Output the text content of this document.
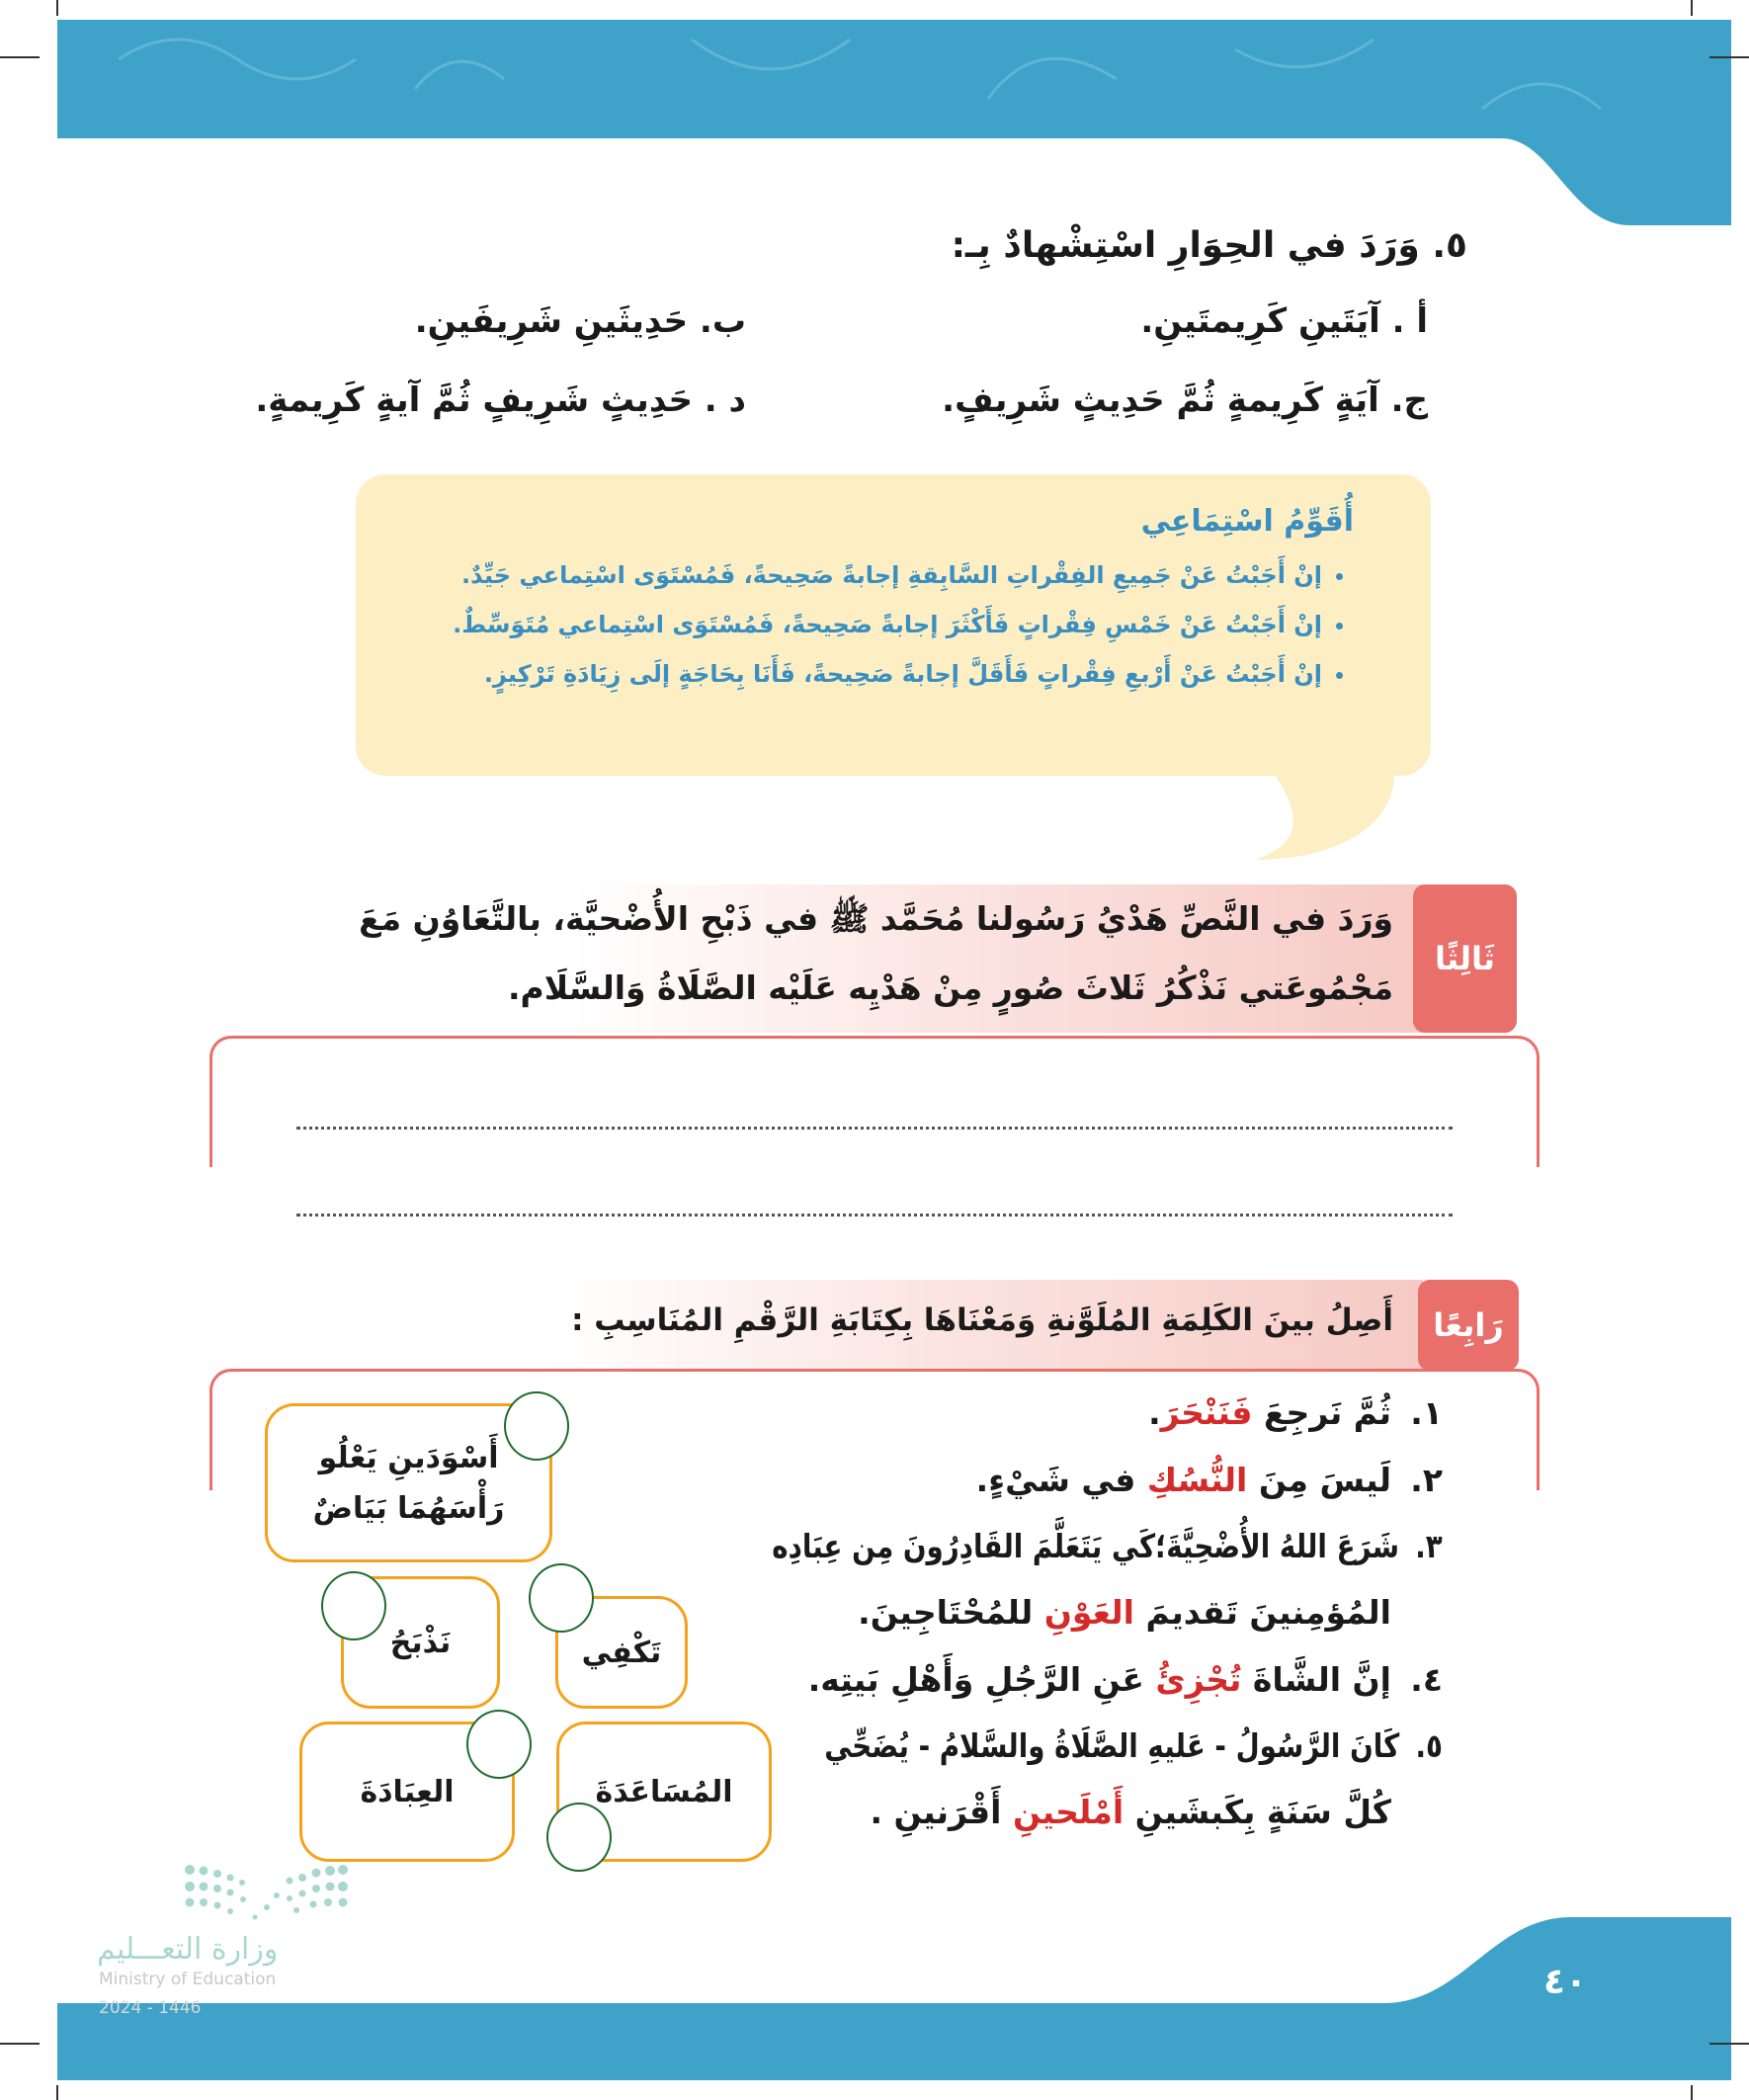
٥. وَرَدَ في الحِوَارِ اسْتِشْهادٌ بِـ:
أ . آيَتَينِ كَرِيمتَينِ.
ب. حَدِيثَينِ شَرِيفَينِ.
ج. آيَةٍ كَرِيمةٍ ثُمَّ حَدِيثٍ شَرِيفٍ.
د . حَدِيثٍ شَرِيفٍ ثُمَّ آيةٍ كَرِيمةٍ.
أُقَوِّمُ اسْتِمَاعِي
• إنْ أَجَبْتُ عَنْ جَمِيعِ الفِقْراتِ السَّابِقةِ إجابةً صَحِيحةً، فَمُسْتَوَى اسْتِماعي جَيِّدٌ.
• إنْ أَجَبْتُ عَنْ خَمْسِ فِقْراتٍ فَأَكْثَرَ إجابةً صَحِيحةً، فَمُسْتَوَى اسْتِماعي مُتَوَسِّطٌ.
• إنْ أَجَبْتُ عَنْ أَرْبعِ فِقْراتٍ فَأَقَلَّ إجابةً صَحِيحةً، فَأَنَا بِحَاجَةٍ إلَى زِيَادَةِ تَرْكِيزٍ.
ثَالِثًا
وَرَدَ في النَّصِّ هَدْيُ رَسُولنا مُحَمَّد ﷺ في ذَبْحِ الأُضْحيَّة، بالتَّعَاوُنِ مَعَ
مَجْمُوعَتي نَذْكُرُ ثَلاثَ صُورٍ مِنْ هَدْيِه عَلَيْه الصَّلَاةُ وَالسَّلَام.
رَابِعًا
أَصِلُ بينَ الكَلِمَةِ المُلَوَّنةِ وَمَعْنَاهَا بِكِتَابَةِ الرَّقْمِ المُنَاسِبِ :
أَسْوَدَينِ يَعْلُو
رَأْسَهُمَا بَيَاضٌ
نَذْبَحُ	تَكْفِي
العِبَادَةَ	المُسَاعَدَةَ
١.ثُمَّ نَرجِعَ فَنَنْحَرَ.
٢.لَيسَ مِنَ النُّسُكِ في شَيْءٍ.
٣.شَرَعَ اللهُ الأُضْحِيَّةَ؛كَي يَتَعَلَّمَ القَادِرُونَ مِن عِبَادِه
المُؤمِنينَ تَقديمَ العَوْنِ للمُحْتَاجِينَ.
٤.إنَّ الشَّاةَ تُجْزِئُ عَنِ الرَّجُلِ وَأَهْلِ بَيتِه.
٥.كَانَ الرَّسُولُ - عَليهِ الصَّلَاةُ والسَّلامُ - يُضَحِّي
كُلَّ سَنَةٍ بِكَبشَينِ أَمْلَحينِ أَقْرَنينِ .
وزارة التعـــليم
Ministry of Education
2024 - 1446
٤٠
